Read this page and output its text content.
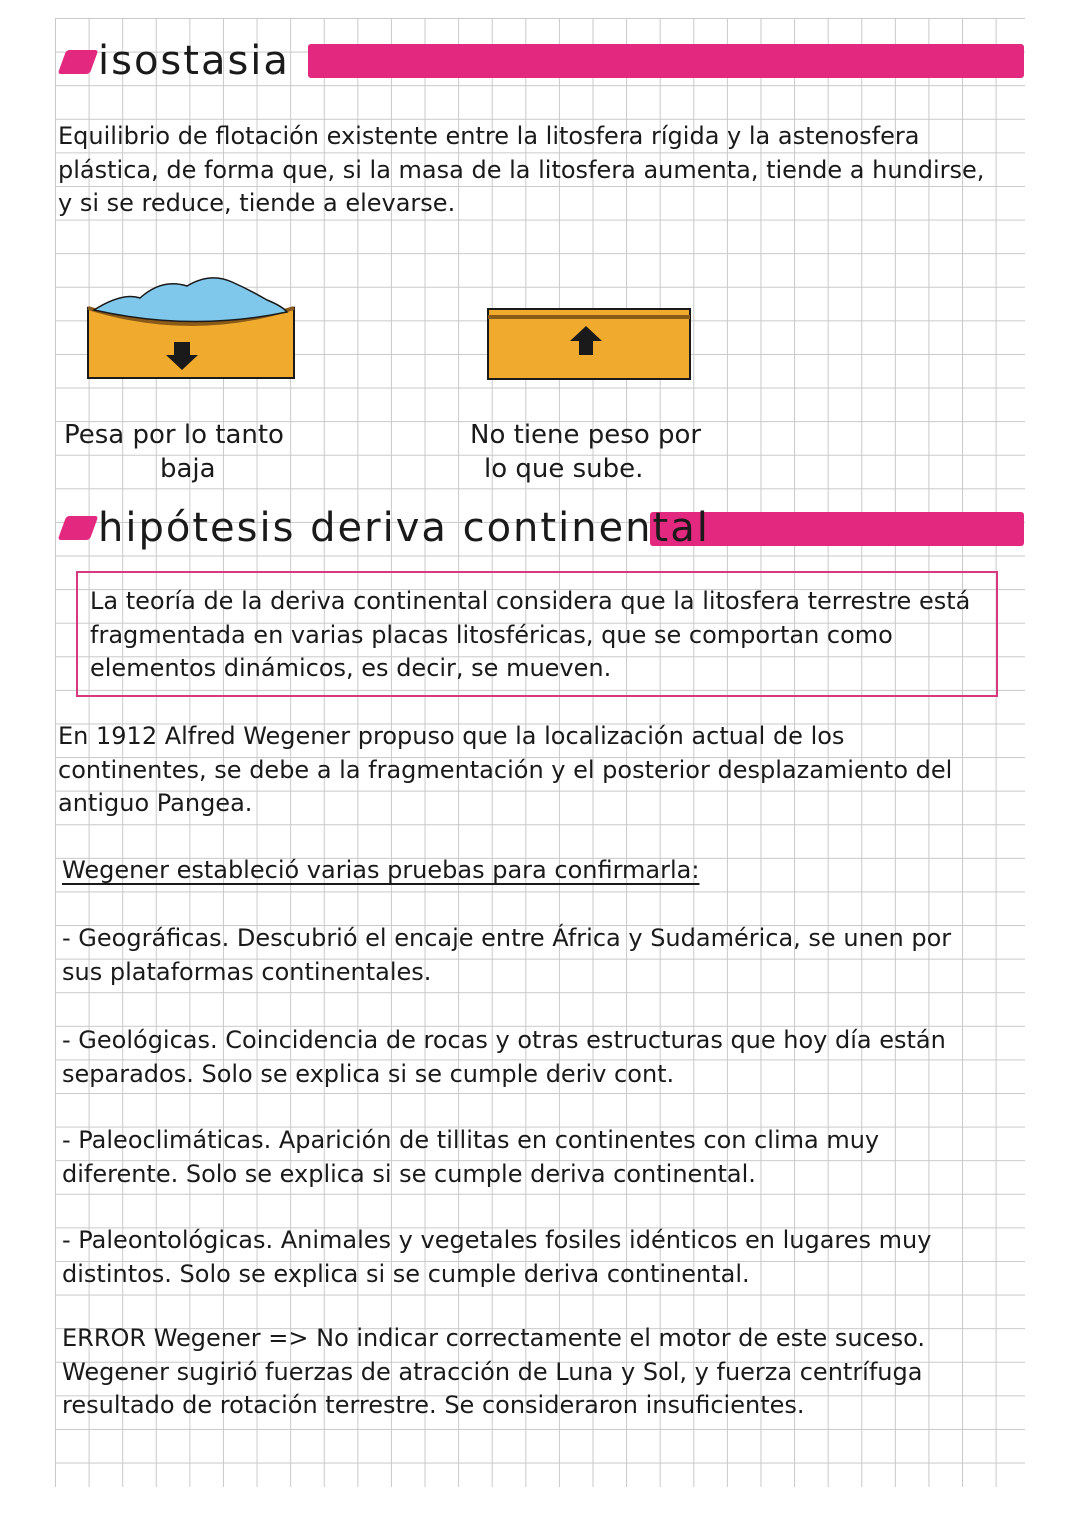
isostasia
Equilibrio de flotación existente entre la litosfera rígida y la astenosfera plástica, de forma que, si la masa de la litosfera aumenta, tiende a hundirse, y si se reduce, tiende a elevarse.
Pesa por lo tanto
baja
No tiene peso por
lo que sube.
hipótesis deriva continental
La teoría de la deriva continental considera que la litosfera terrestre está fragmentada en varias placas litosféricas, que se comportan como elementos dinámicos, es decir, se mueven.
En 1912 Alfred Wegener propuso que la localización actual de los continentes, se debe a la fragmentación y el posterior desplazamiento del antiguo Pangea.
Wegener estableció varias pruebas para confirmarla:
- Geográficas. Descubrió el encaje entre África y Sudamérica, se unen por sus plataformas continentales.
- Geológicas. Coincidencia de rocas y otras estructuras que hoy día están separados. Solo se explica si se cumple deriv cont.
- Paleoclimáticas. Aparición de tillitas en continentes con clima muy diferente. Solo se explica si se cumple deriva continental.
- Paleontológicas. Animales y vegetales fosiles idénticos en lugares muy distintos. Solo se explica si se cumple deriva continental.
ERROR Wegener => No indicar correctamente el motor de este suceso. Wegener sugirió fuerzas de atracción de Luna y Sol, y fuerza centrífuga resultado de rotación terrestre. Se consideraron insuficientes.
